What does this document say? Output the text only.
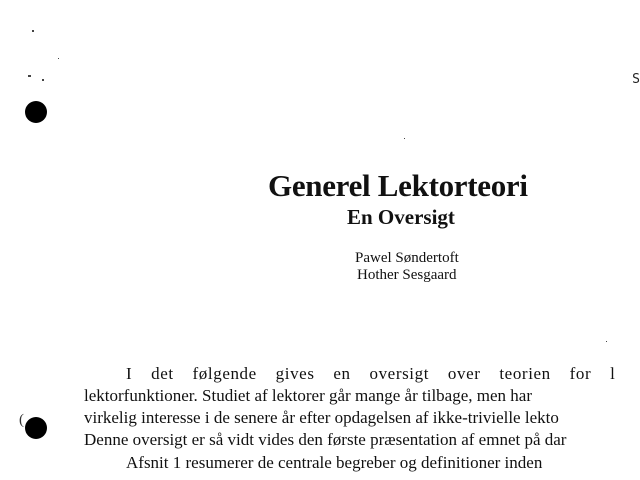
S
(
Generel Lektorteori
En Oversigt
Pawel Søndertoft
Hother Sesgaard
I det følgende gives en oversigt over teorien for l
lektorfunktioner. Studiet af lektorer går mange år tilbage, men har
virkelig interesse i de senere år efter opdagelsen af ikke-trivielle lekto
Denne oversigt er så vidt vides den første præsentation af emnet på dar
Afsnit 1 resumerer de centrale begreber og definitioner inden
